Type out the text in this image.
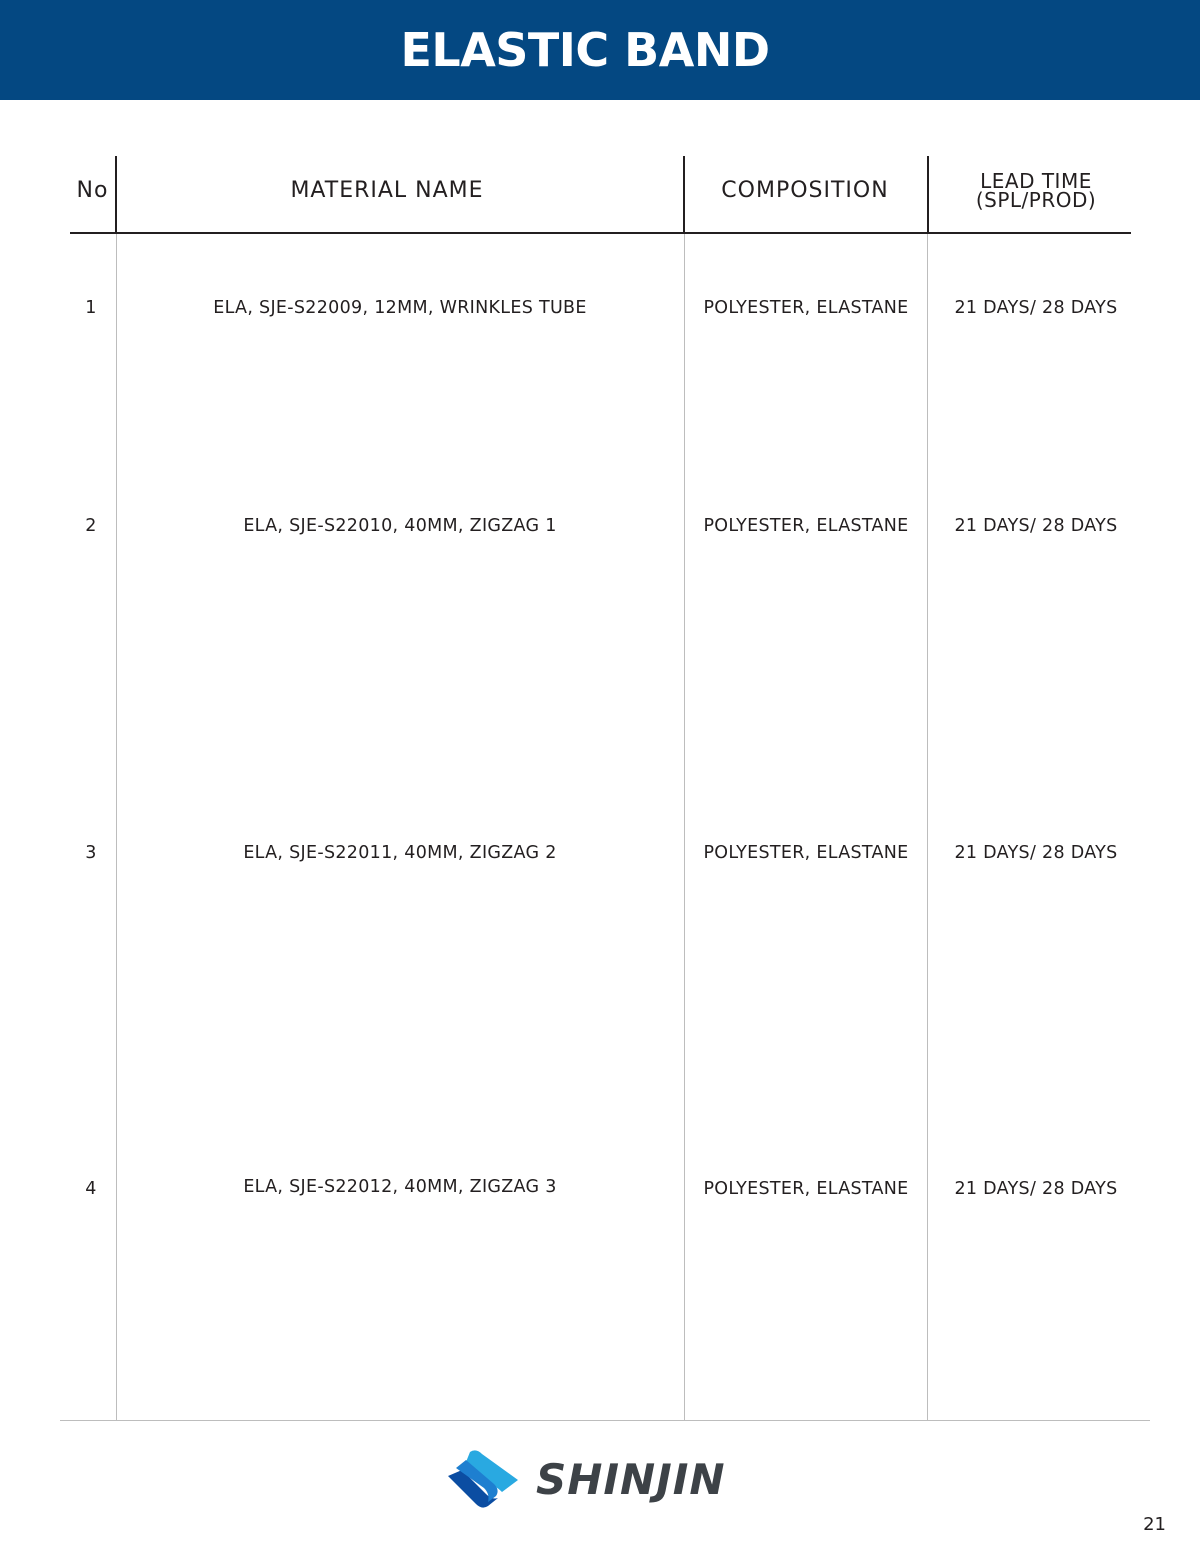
ELASTIC BAND
No	MATERIAL NAME	COMPOSITION	LEAD TIME
(SPL/PROD)
1	ELA, SJE-S22009, 12MM, WRINKLES TUBE	POLYESTER, ELASTANE	21 DAYS/ 28 DAYS
2	ELA, SJE-S22010, 40MM, ZIGZAG 1	POLYESTER, ELASTANE	21 DAYS/ 28 DAYS
3	ELA, SJE-S22011, 40MM, ZIGZAG 2	POLYESTER, ELASTANE	21 DAYS/ 28 DAYS
4	ELA, SJE-S22012, 40MM, ZIGZAG 3	POLYESTER, ELASTANE	21 DAYS/ 28 DAYS
SHINJIN
21
